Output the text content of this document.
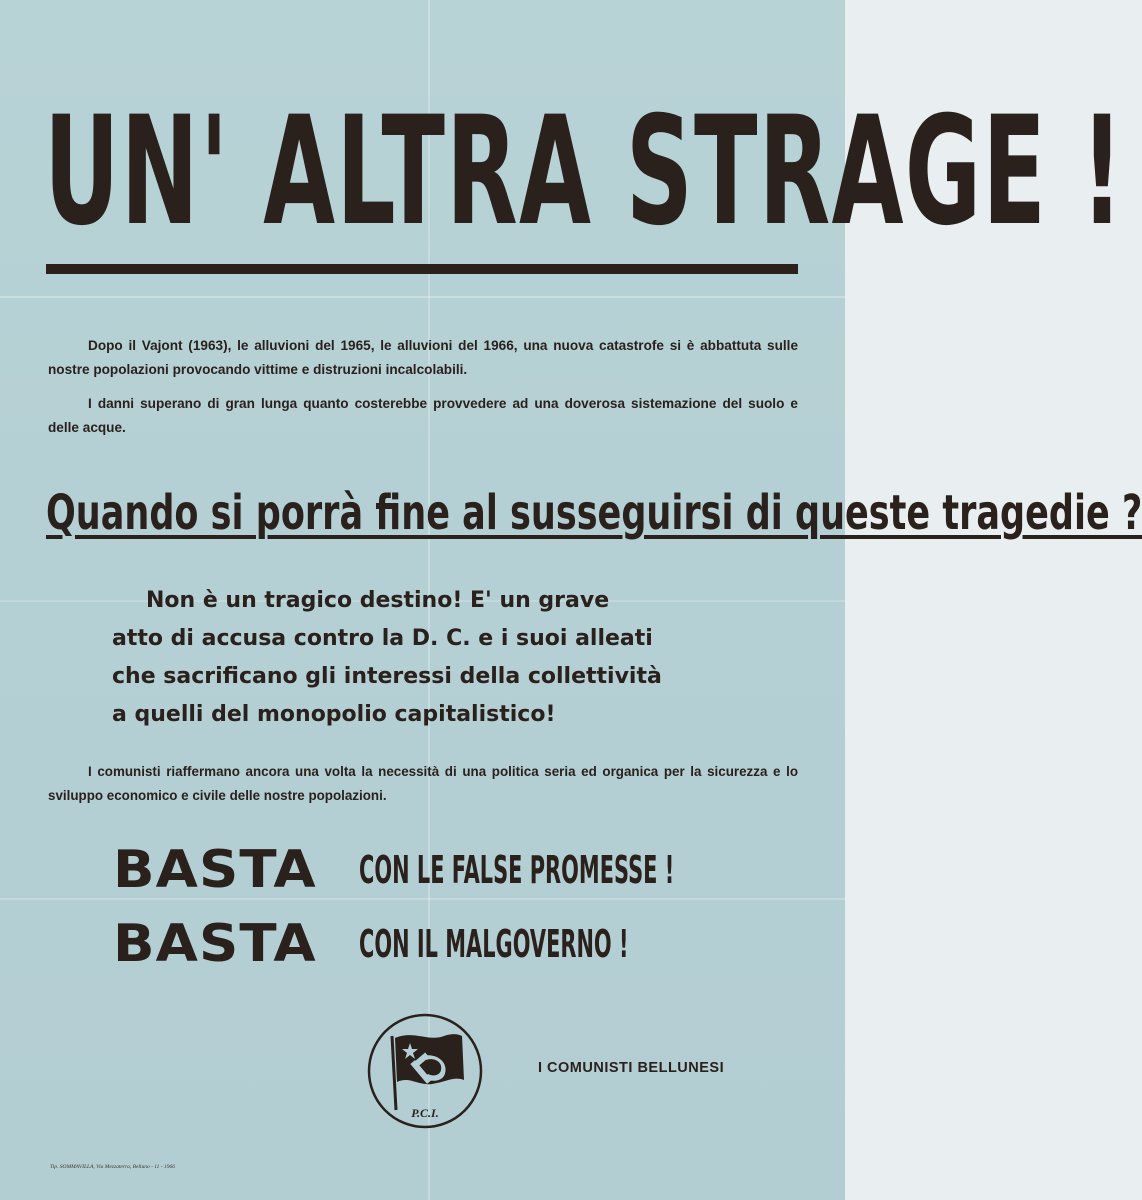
UN' ALTRA STRAGE !
Dopo il Vajont (1963), le alluvioni del 1965, le alluvioni del 1966, una nuova catastrofe si è abbattuta sulle nostre popolazioni provocando vittime e distruzioni incalcolabili.
I danni superano di gran lunga quanto costerebbe provvedere ad una doverosa sistemazione del suolo e delle acque.
Quando si porrà fine al susseguirsi di queste tragedie ?
Non è un tragico destino! E' un grave
atto di accusa contro la D. C. e i suoi alleati
che sacrificano gli interessi della collettività
a quelli del monopolio capitalistico!
I comunisti riaffermano ancora una volta la necessità di una politica seria ed organica per la sicurezza e lo sviluppo economico e civile delle nostre popolazioni.
BASTA CON LE FALSE PROMESSE !
BASTA CON IL MALGOVERNO !
P.C.I.
I COMUNISTI BELLUNESI
Tip. SOMMAVILLA, Via Mezzaterra, Belluno - 11 - 1966
